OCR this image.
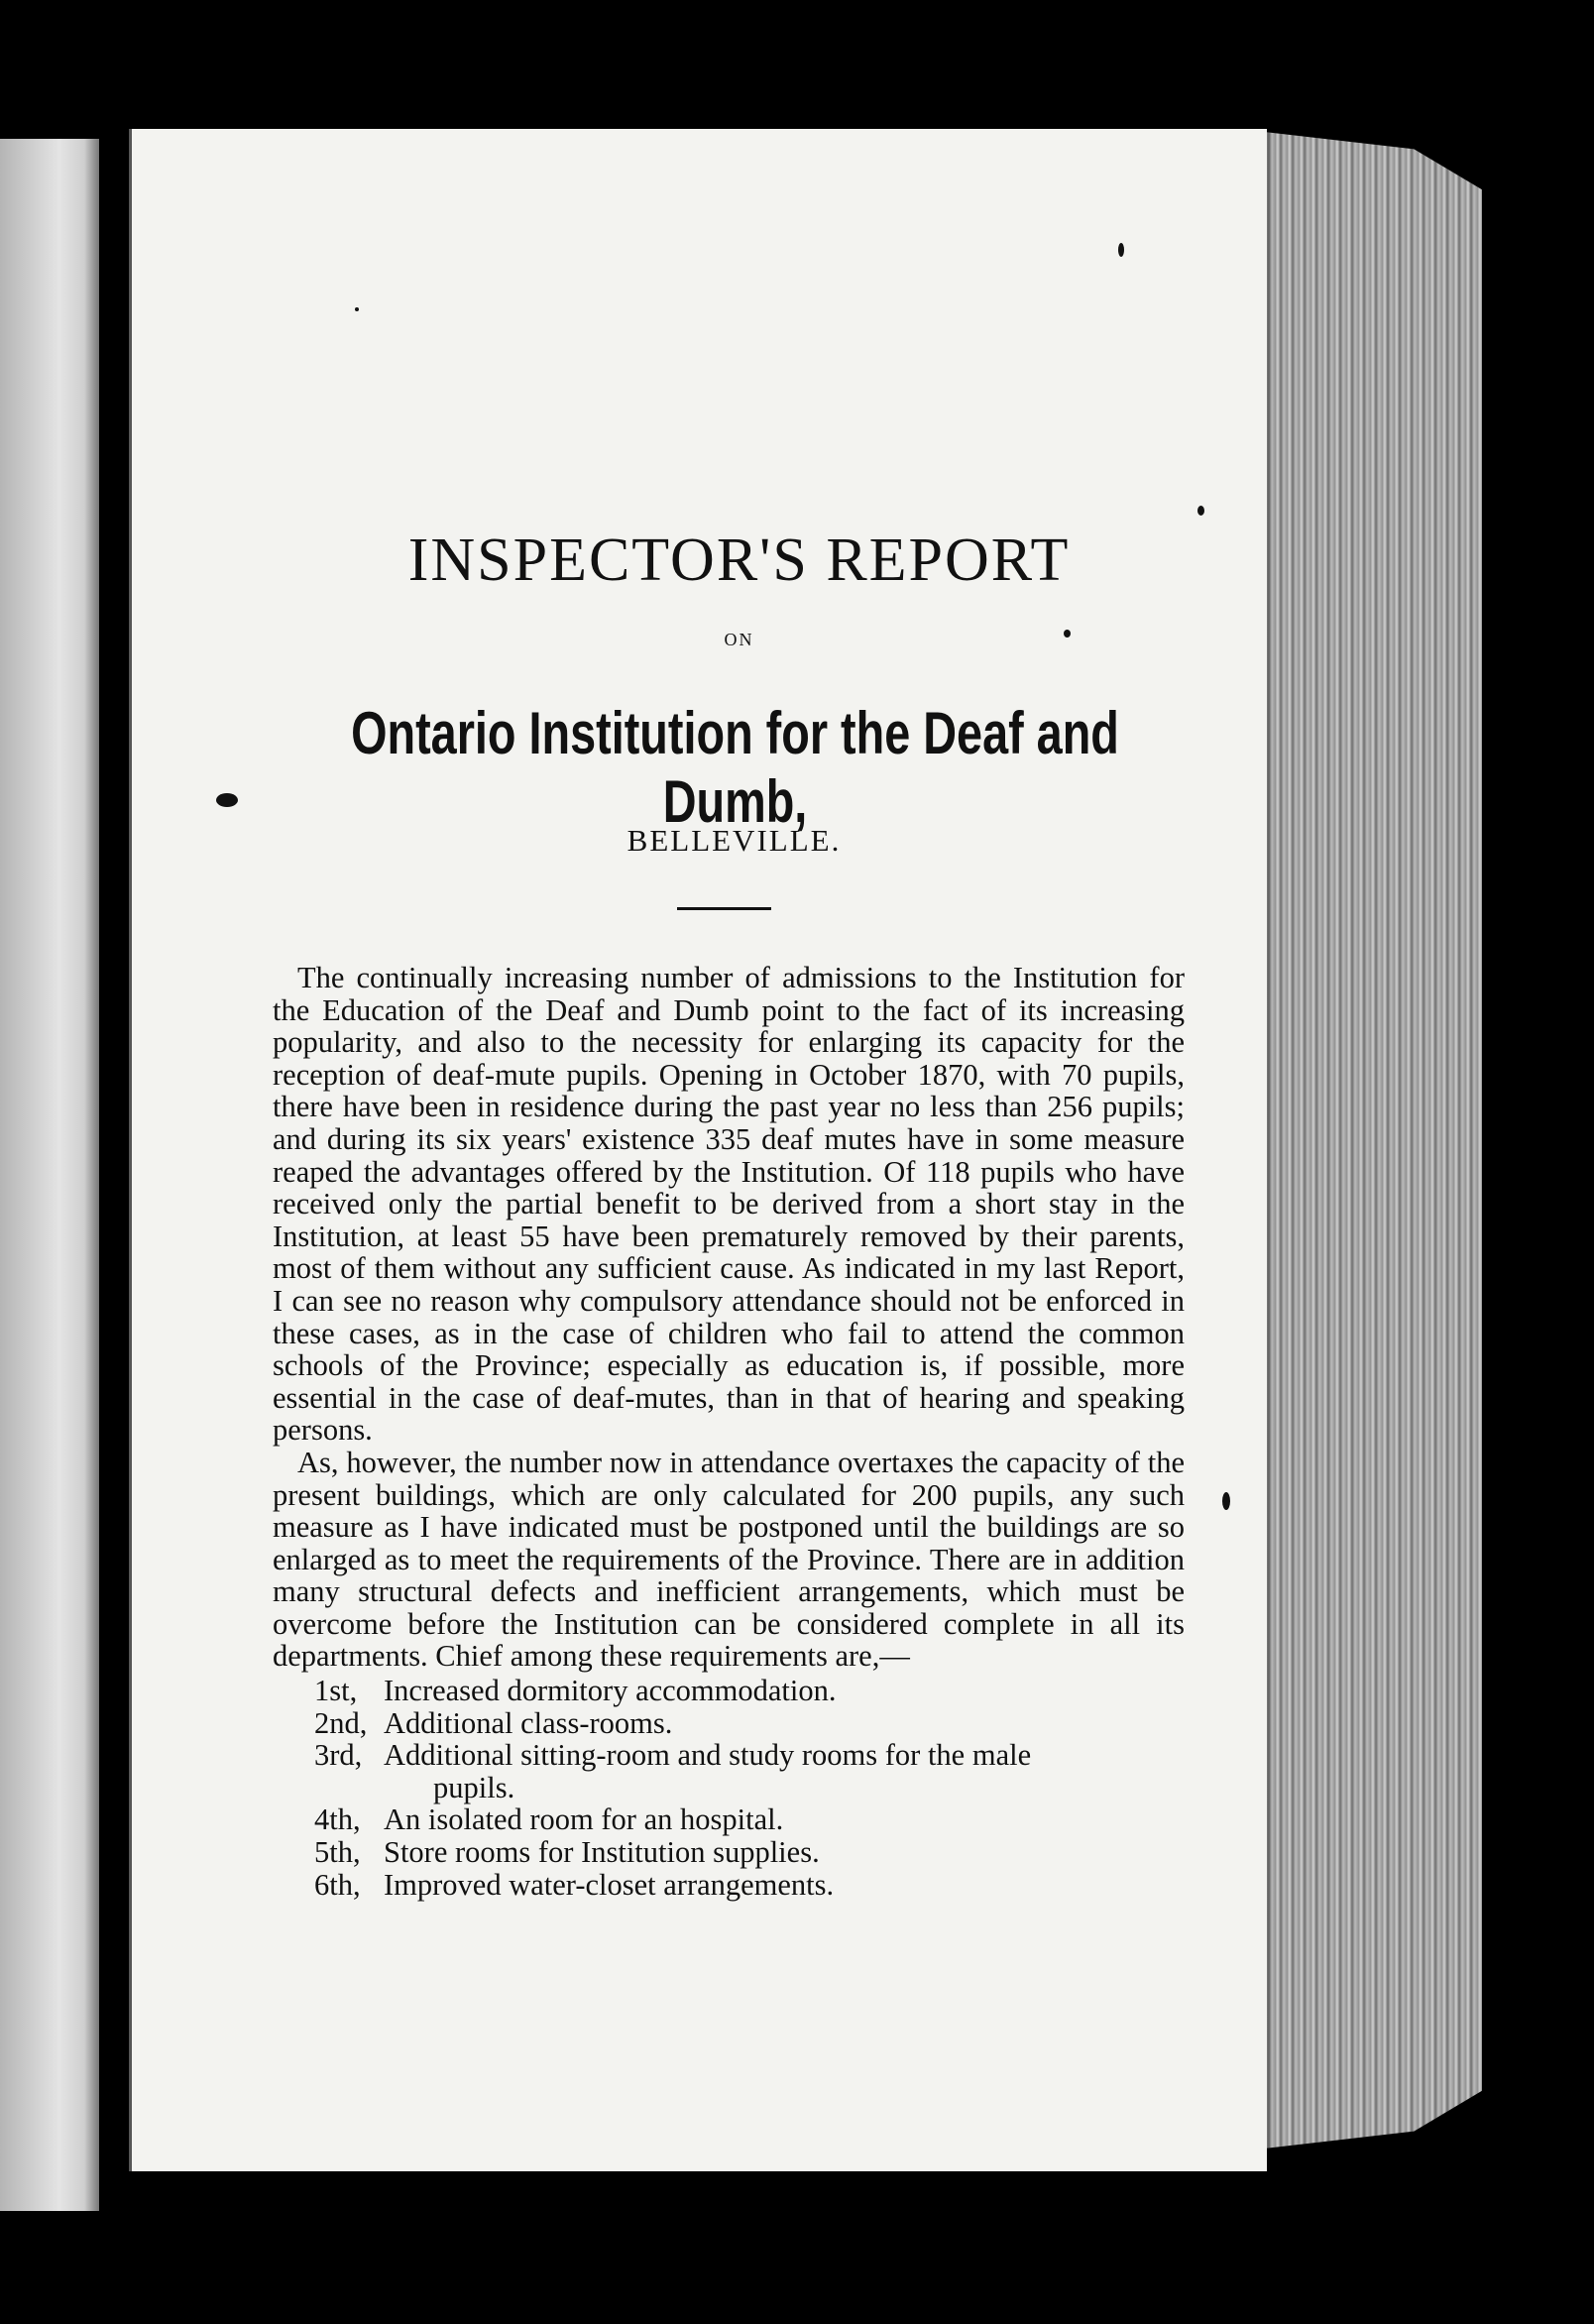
INSPECTOR'S REPORT
ON
Ontario Institution for the Deaf and Dumb,
BELLEVILLE.

The continually increasing number of admissions to the Institution for the Education of the Deaf and Dumb point to the fact of its increasing popularity, and also to the necessity for enlarging its capacity for the reception of deaf-mute pupils. Opening in October 1870, with 70 pupils, there have been in residence during the past year no less than 256 pupils; and during its six years' existence 335 deaf mutes have in some measure reaped the advantages offered by the Institution. Of 118 pupils who have received only the partial benefit to be derived from a short stay in the Institution, at least 55 have been prematurely removed by their parents, most of them without any sufficient cause. As indicated in my last Report, I can see no reason why compulsory attendance should not be enforced in these cases, as in the case of children who fail to attend the common schools of the Province; especially as education is, if possible, more essential in the case of deaf-mutes, than in that of hearing and speaking persons.

As, however, the number now in attendance overtaxes the capacity of the present buildings, which are only calculated for 200 pupils, any such measure as I have indicated must be postponed until the buildings are so enlarged as to meet the requirements of the Province. There are in addition many structural defects and inefficient arrangements, which must be overcome before the Institution can be considered complete in all its departments. Chief among these requirements are,—

1st, Increased dormitory accommodation.
2nd, Additional class-rooms.
3rd, Additional sitting-room and study rooms for the male
pupils.
4th, An isolated room for an hospital.
5th, Store rooms for Institution supplies.
6th, Improved water-closet arrangements.
